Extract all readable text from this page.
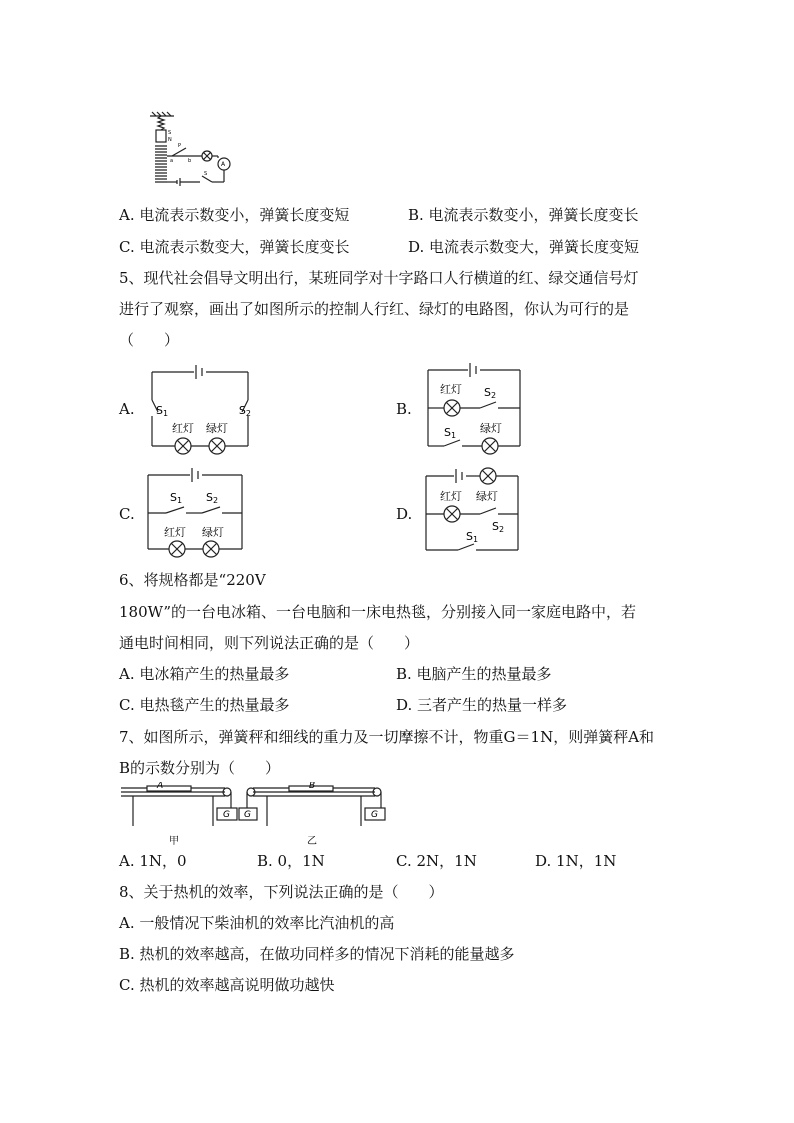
S
N
P
a	b
S
A
A. 电流表示数变小，弹簧长度变短	B. 电流表示数变小，弹簧长度变长
C. 电流表示数变大，弹簧长度变长	D. 电流表示数变大，弹簧长度变短
5、现代社会倡导文明出行，某班同学对十字路口人行横道的红、绿交通信号灯
进行了观察，画出了如图所示的控制人行红、绿灯的电路图，你认为可行的是
（　　）
A.	B.
C.	D.
S1	S2
红灯 绿灯
红灯 S2
S1
绿灯
S1 S2
红灯 绿灯
红灯 绿灯
S2
S1
6、将规格都是“220V
180W”的一台电冰箱、一台电脑和一床电热毯，分别接入同一家庭电路中，若
通电时间相同，则下列说法正确的是（　　）
A. 电冰箱产生的热量最多	B. 电脑产生的热量最多
C. 电热毯产生的热量最多	D. 三者产生的热量一样多
7、如图所示，弹簧秤和细线的重力及一切摩擦不计，物重G＝1N，则弹簧秤A和
B的示数分别为（　　）
A	B
G G	G
甲	乙
A. 1N，0	B. 0，1N	C. 2N，1N	D. 1N，1N
8、关于热机的效率，下列说法正确的是（　　）
A. 一般情况下柴油机的效率比汽油机的高
B. 热机的效率越高，在做功同样多的情况下消耗的能量越多
C. 热机的效率越高说明做功越快
